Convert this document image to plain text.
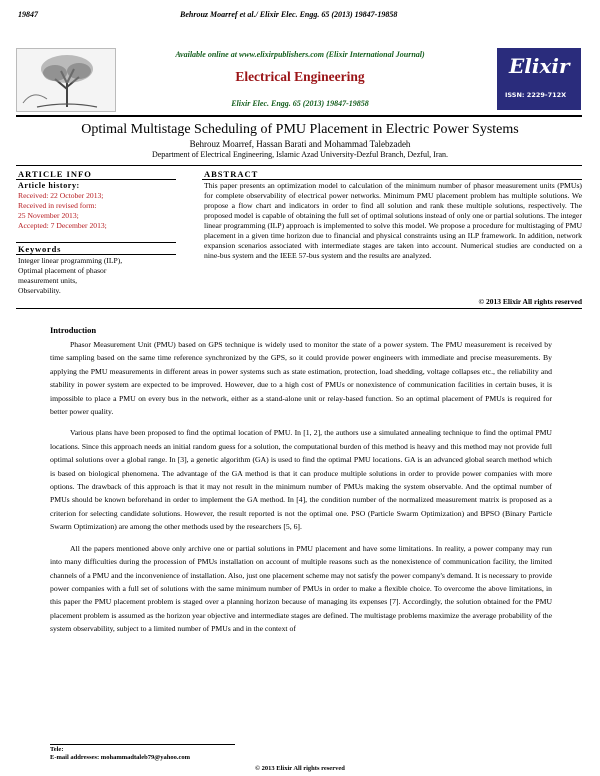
19847	Behrouz Moarref et al./ Elixir Elec. Engg. 65 (2013) 19847-19858
Available online at www.elixirpublishers.com (Elixir International Journal)
Electrical Engineering
Elixir Elec. Engg. 65 (2013) 19847-19858
Elixir
ISSN: 2229-712X
Optimal Multistage Scheduling of PMU Placement in Electric Power Systems
Behrouz Moarref, Hassan Barati and Mohammad Talebzadeh
Department of Electrical Engineering, Islamic Azad University-Dezful Branch, Dezful, Iran.
ARTICLE INFO
Article history:
Received: 22 October 2013;
Received in revised form:
25 November 2013;
Accepted: 7 December 2013;
Keywords
Integer linear programming (ILP),
Optimal placement of phasor
measurement units,
Observability.
ABSTRACT
This paper presents an optimization model to calculation of the minimum number of phasor measurement units (PMUs) for complete observability of electrical power networks. Minimum PMU placement problem has multiple solutions. We propose a flow chart and indicators in order to find all solution and rank these multiple solutions, respectively. The proposed model is capable of obtaining the full set of optimal solutions instead of only one or partial solutions. The integer linear programming (ILP) approach is implemented to solve this model. We propose a procedure for multistaging of PMU placement in a given time horizon due to financial and physical constraints using an ILP framework. In addition, network expansion scenarios associated with intermediate stages are taken into account. Numerical studies are conducted on a nine-bus system and the IEEE 57-bus system and the results are analyzed.
© 2013 Elixir All rights reserved
Introduction

Phasor Measurement Unit (PMU) based on GPS technique is widely used to monitor the state of a power system. The PMU measurement is received by time sampling based on the same time reference synchronized by the GPS, so it could provide power engineers with immediate and precise measurements. By applying the PMU measurements in different areas in power systems such as state estimation, protection, load shedding, voltage collapses etc., the reliability and stability in power system are expected to be improved. However, due to a high cost of PMUs or nonexistence of communication facilities in certain buses, it is impossible to place a PMU on every bus in the network, either as a stand-alone unit or relay-based function. So an optimal placement of PMUs is required for better power quality.

Various plans have been proposed to find the optimal location of PMU. In [1, 2], the authors use a simulated annealing technique to find the optimal PMU locations. Since this approach needs an initial random guess for a solution, the computational burden of this method is heavy and this method may not provide full optimal solutions over a global range. In [3], a genetic algorithm (GA) is used to find the optimal PMU locations. GA is an advanced global search method which is based on biological phenomena. The advantage of the GA method is that it can produce multiple solutions in order to provide power companies with more options. The drawback of this approach is that it may not result in the minimum number of PMUs making the system observable. And the optimal number of PMUs should be known beforehand in order to implement the GA method. In [4], the condition number of the normalized measurement matrix is proposed as a criterion for selecting candidate solutions. However, the result reported is not the optimal one. PSO (Particle Swarm Optimization) and BPSO (Binary Particle Swarm Optimization) are among the other methods used by the researchers [5, 6].

All the papers mentioned above only archive one or partial solutions in PMU placement and have some limitations. In reality, a power company may run into many difficulties during the procession of PMUs installation on account of multiple reasons such as the nonexistence of communication facility, the limited channels of a PMU and the inconvenience of installation. Also, just one placement scheme may not satisfy the power company's demand. It is necessary to provide power companies with a full set of solutions with the same minimum number of PMUs in order to make a flexible choice. To overcome the above limitations, in this paper the PMU placement problem is staged over a planning horizon because of managing its expenses [7]. Accordingly, the solution obtained for the PMU placement problem is assumed as the horizon year objective and intermediate stages are defined. The multistage problems maximize the average probability of the system observability, subject to a limited number of PMUs and in the context of

Tele:
E-mail addresses: mohammadtaleb79@yahoo.com
© 2013 Elixir All rights reserved
